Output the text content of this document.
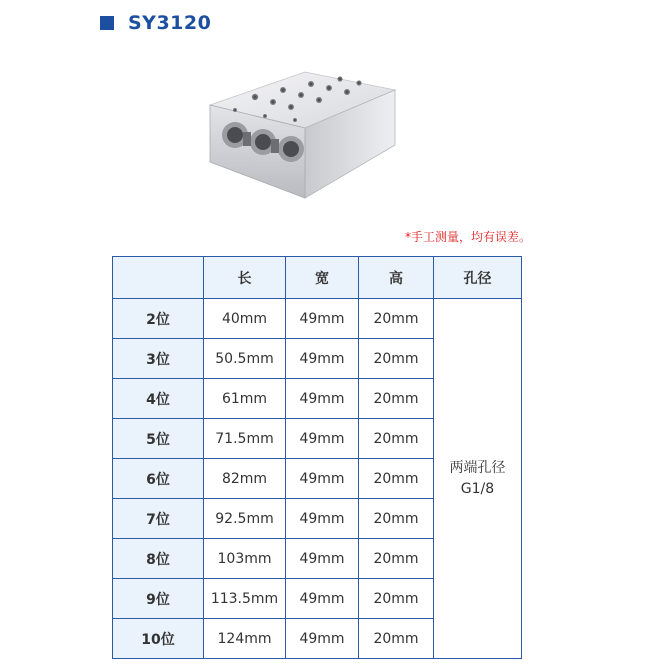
SY3120
*手工测量，均有误差。
	长	宽	高	孔径
2位	40mm	49mm	20mm	两端孔径
G1/8
3位	50.5mm	49mm	20mm	
4位	61mm	49mm	20mm	
5位	71.5mm	49mm	20mm	
6位	82mm	49mm	20mm	
7位	92.5mm	49mm	20mm	
8位	103mm	49mm	20mm	
9位	113.5mm	49mm	20mm	
10位	124mm	49mm	20mm	
